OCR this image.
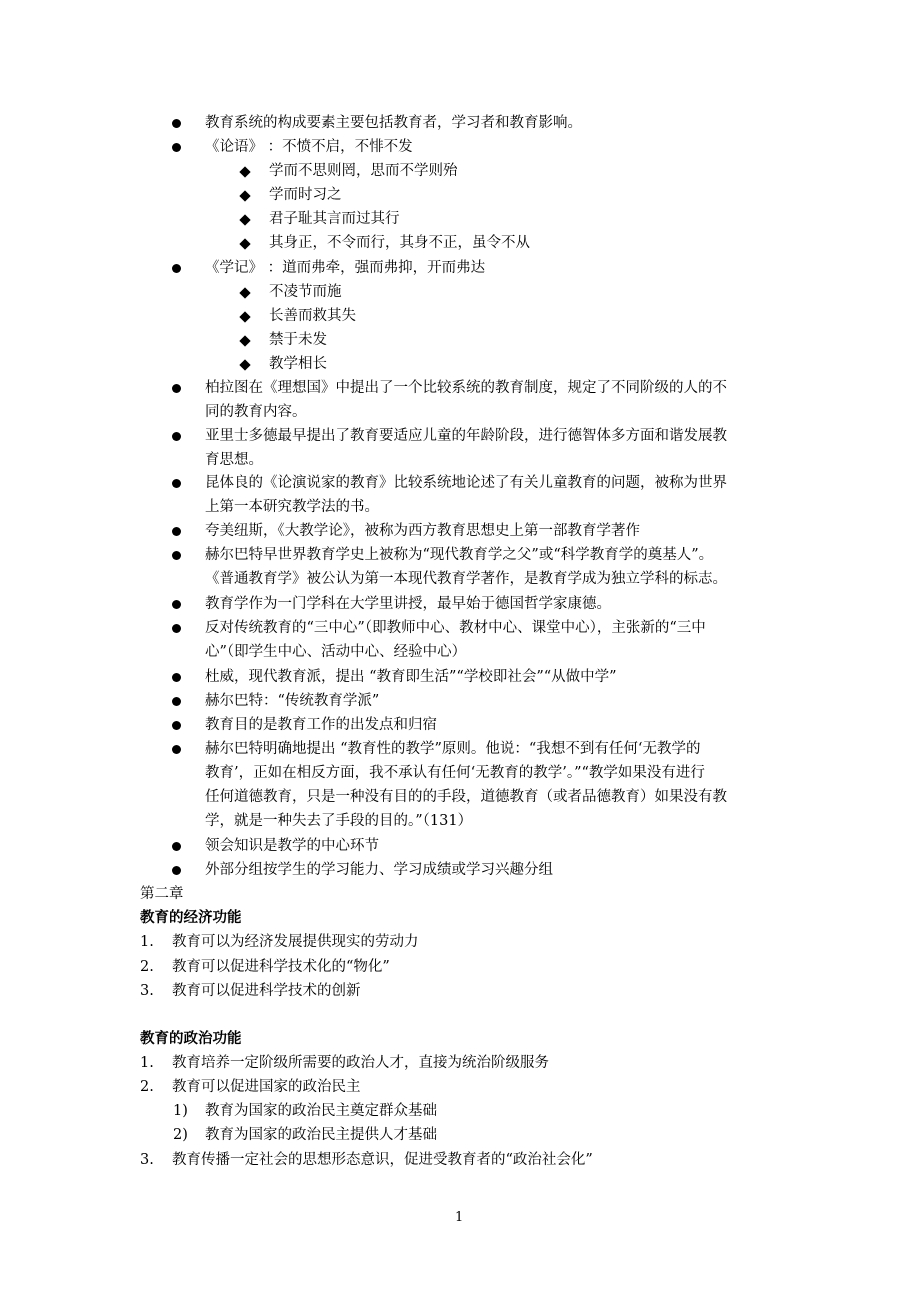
教育系统的构成要素主要包括教育者，学习者和教育影响。
《论语》 ：不愤不启，不悱不发
学而不思则罔，思而不学则殆
学而时习之
君子耻其言而过其行
其身正，不令而行，其身不正，虽令不从
《学记》 ：道而弗牵，强而弗抑，开而弗达
不凌节而施
长善而救其失
禁于未发
教学相长
柏拉图在《理想国》中提出了一个比较系统的教育制度，规定了不同阶级的人的不
同的教育内容。
亚里士多德最早提出了教育要适应儿童的年龄阶段，进行德智体多方面和谐发展教
育思想。
昆体良的《论演说家的教育》比较系统地论述了有关儿童教育的问题，被称为世界
上第一本研究教学法的书。
夸美纽斯，《大教学论》，被称为西方教育思想史上第一部教育学著作
赫尔巴特早世界教育学史上被称为“现代教育学之父”或“科学教育学的奠基人”。
《普通教育学》被公认为第一本现代教育学著作，是教育学成为独立学科的标志。
教育学作为一门学科在大学里讲授，最早始于德国哲学家康德。
反对传统教育的“三中心”（即教师中心、教材中心、课堂中心），主张新的“三中
心”（即学生中心、活动中心、经验中心）
杜威，现代教育派，提出 “教育即生活”“学校即社会”“从做中学”
赫尔巴特：“传统教育学派”
教育目的是教育工作的出发点和归宿
赫尔巴特明确地提出 “教育性的教学”原则。他说：“我想不到有任何‘无教学的
教育’，正如在相反方面，我不承认有任何‘无教育的教学’。”“教学如果没有进行
任何道德教育，只是一种没有目的的手段，道德教育（或者品德教育）如果没有教
学，就是一种失去了手段的目的。”（131）
领会知识是教学的中心环节
外部分组按学生的学习能力、学习成绩或学习兴趣分组
第二章
教育的经济功能
1. 教育可以为经济发展提供现实的劳动力
2. 教育可以促进科学技术化的“物化”
3. 教育可以促进科学技术的创新
教育的政治功能
1. 教育培养一定阶级所需要的政治人才，直接为统治阶级服务
2. 教育可以促进国家的政治民主
1) 教育为国家的政治民主奠定群众基础
2) 教育为国家的政治民主提供人才基础
3. 教育传播一定社会的思想形态意识，促进受教育者的“政治社会化”
1
